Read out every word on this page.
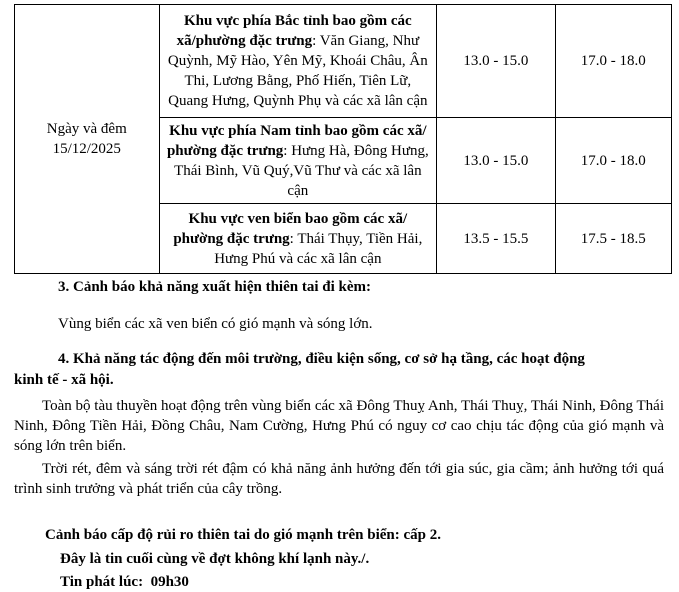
Ngày và đêm
15/12/2025	Khu vực phía Bắc tỉnh bao gồm các xã/phường đặc trưng: Văn Giang, Như Quỳnh, Mỹ Hào, Yên Mỹ, Khoái Châu, Ân Thi, Lương Bằng, Phố Hiến, Tiên Lữ, Quang Hưng, Quỳnh Phụ và các xã lân cận	13.0 - 15.0	17.0 - 18.0
	Khu vực phía Nam tỉnh bao gồm các xã/ phường đặc trưng: Hưng Hà, Đông Hưng, Thái Bình, Vũ Quý,Vũ Thư và các xã lân cận	13.0 - 15.0	17.0 - 18.0
	Khu vực ven biển bao gồm các xã/ phường đặc trưng: Thái Thụy, Tiền Hải, Hưng Phú và các xã lân cận	13.5 - 15.5	17.5 - 18.5
3. Cảnh báo khả năng xuất hiện thiên tai đi kèm:
Vùng biển các xã ven biển có gió mạnh và sóng lớn.
4. Khả năng tác động đến môi trường, điều kiện sống, cơ sở hạ tầng, các hoạt động
kinh tế - xã hội.
Toàn bộ tàu thuyền hoạt động trên vùng biển các xã Đông Thuỵ Anh, Thái Thuỵ, Thái Ninh, Đông Thái Ninh, Đông Tiền Hải, Đồng Châu, Nam Cường, Hưng Phú có nguy cơ cao chịu tác động của gió mạnh và sóng lớn trên biển.
Trời rét, đêm và sáng trời rét đậm có khả năng ảnh hưởng đến tới gia súc, gia cầm; ảnh hưởng tới quá trình sinh trưởng và phát triển của cây trồng.
Cảnh báo cấp độ rủi ro thiên tai do gió mạnh trên biển: cấp 2.
Đây là tin cuối cùng về đợt không khí lạnh này./.
Tin phát lúc: 09h30
